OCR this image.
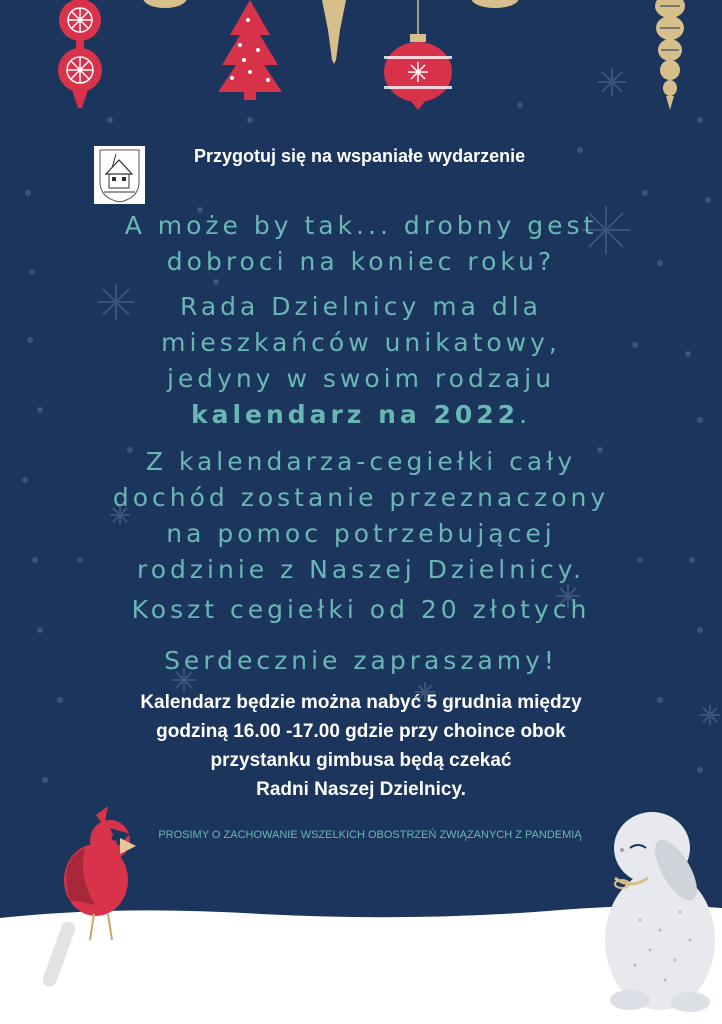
Przygotuj się na wspaniałe wydarzenie
A może by tak... drobny gest
dobroci na koniec roku?
Rada Dzielnicy ma dla
mieszkańców unikatowy,
jedyny w swoim rodzaju
kalendarz na 2022.
Z kalendarza-cegiełki cały
dochód zostanie przeznaczony
na pomoc potrzebującej
rodzinie z Naszej Dzielnicy.
Koszt cegiełki od 20 złotych
Serdecznie zapraszamy!
Kalendarz będzie można nabyć 5 grudnia między
godziną 16.00 -17.00 gdzie przy choince obok
przystanku gimbusa będą czekać
Radni Naszej Dzielnicy.
PROSIMY O ZACHOWANIE WSZELKICH OBOSTRZEŃ ZWIĄZANYCH Z PANDEMIĄ
